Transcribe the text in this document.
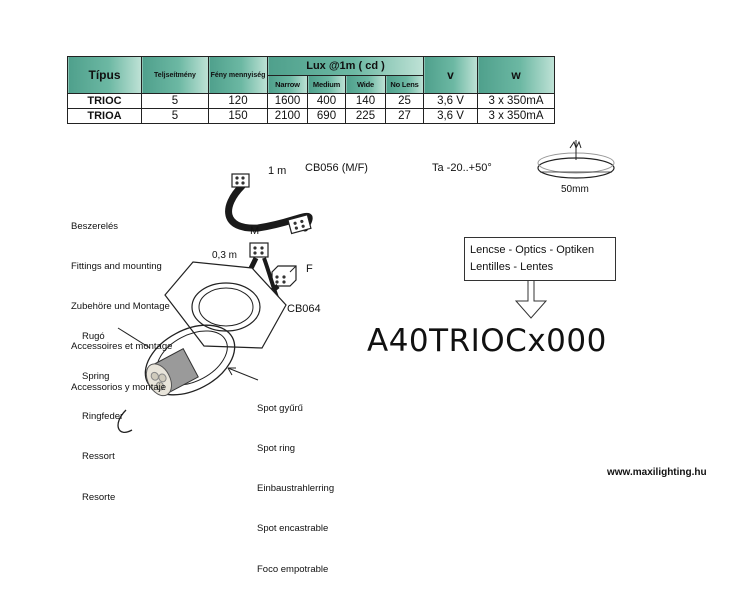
Típus	Teljseítmény	Fény mennyiség	Lux @1m ( cd )				v	w
			Narrow	Medium	Wide	No Lens		
TRIOC	5	120	1600	400	140	25	3,6 V	3 x 350mA
TRIOA	5	150	2100	690	225	27	3,6 V	3 x 350mA
1 m CB056 (M/F)	Ta -20..+50°
50mm
M
0,3 m
F
CB064

Beszerelés

Fittings and mounting

Zubehöre und Montage

Accessoires et montage

Accessorios y montaje

Rugó

Spring

Ringfeder

Ressort

Resorte

Spot gyűrű

Spot ring

Einbaustrahlerring

Spot encastrable

Foco empotrable

Lencse - Optics - Optiken
Lentilles - Lentes
A40TRIOCx000
www.maxilighting.hu
